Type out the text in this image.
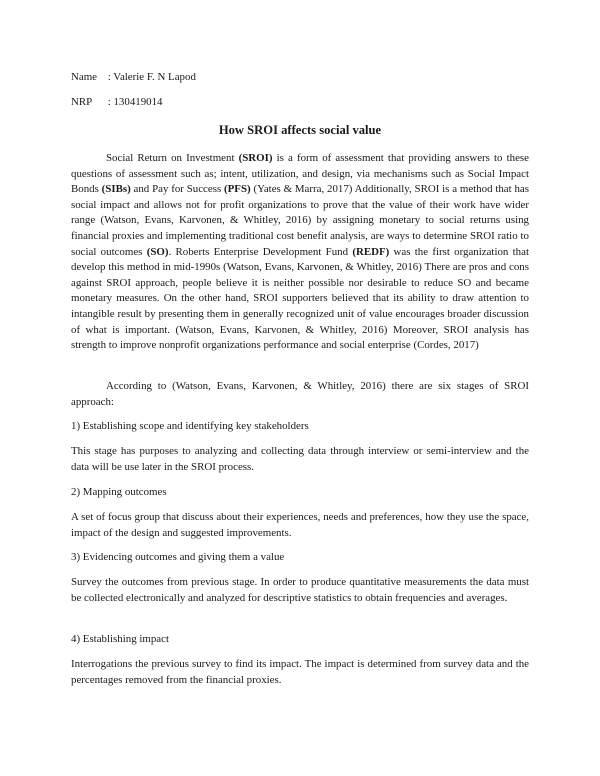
Name : Valerie F. N Lapod
NRP : 130419014
How SROI affects social value
Social Return on Investment (SROI) is a form of assessment that providing answers to these questions of assessment such as; intent, utilization, and design, via mechanisms such as Social Impact Bonds (SIBs) and Pay for Success (PFS) (Yates & Marra, 2017) Additionally, SROI is a method that has social impact and allows not for profit organizations to prove that the value of their work have wider range (Watson, Evans, Karvonen, & Whitley, 2016) by assigning monetary to social returns using financial proxies and implementing traditional cost benefit analysis, are ways to determine SROI ratio to social outcomes (SO). Roberts Enterprise Development Fund (REDF) was the first organization that develop this method in mid-1990s (Watson, Evans, Karvonen, & Whitley, 2016) There are pros and cons against SROI approach, people believe it is neither possible nor desirable to reduce SO and became monetary measures. On the other hand, SROI supporters believed that its ability to draw attention to intangible result by presenting them in generally recognized unit of value encourages broader discussion of what is important. (Watson, Evans, Karvonen, & Whitley, 2016) Moreover, SROI analysis has strength to improve nonprofit organizations performance and social enterprise (Cordes, 2017)
According to (Watson, Evans, Karvonen, & Whitley, 2016) there are six stages of SROI approach:
1) Establishing scope and identifying key stakeholders
This stage has purposes to analyzing and collecting data through interview or semi-interview and the data will be use later in the SROI process.
2) Mapping outcomes
A set of focus group that discuss about their experiences, needs and preferences, how they use the space, impact of the design and suggested improvements.
3) Evidencing outcomes and giving them a value
Survey the outcomes from previous stage. In order to produce quantitative measurements the data must be collected electronically and analyzed for descriptive statistics to obtain frequencies and averages.
4) Establishing impact
Interrogations the previous survey to find its impact. The impact is determined from survey data and the percentages removed from the financial proxies.
